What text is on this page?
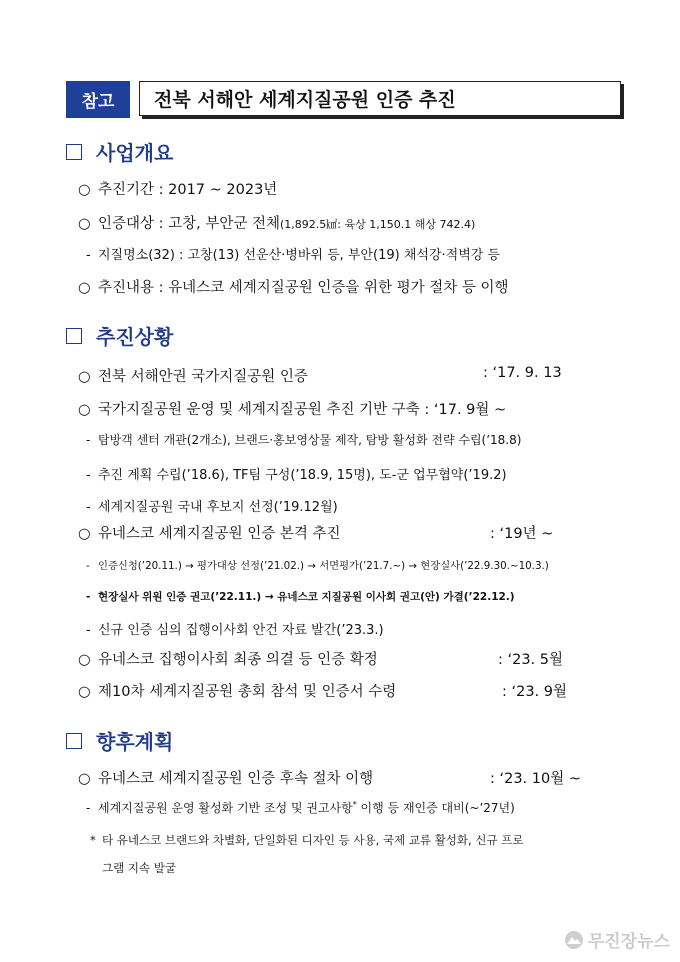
참고	전북 서해안 세계지질공원 인증 추진
사업개요
○ 추진기간 : 2017 ~ 2023년
○ 인증대상 : 고창, 부안군 전체(1,892.5㎢: 육상 1,150.1 해상 742.4)
- 지질명소(32) : 고창(13) 선운산·병바위 등, 부안(19) 채석강·적벽강 등
○ 추진내용 : 유네스코 세계지질공원 인증을 위한 평가 절차 등 이행
추진상황
○ 전북 서해안권 국가지질공원 인증	: ‘17. 9. 13
○ 국가지질공원 운영 및 세계지질공원 추진 기반 구축 : ‘17. 9월 ~
- 탐방객 센터 개관(2개소), 브랜드·홍보영상물 제작, 탐방 활성화 전략 수립(’18.8)
- 추진 계획 수립(’18.6), TF팀 구성(’18.9, 15명), 도-군 업무협약(’19.2)
- 세계지질공원 국내 후보지 선정(’19.12월)
○ 유네스코 세계지질공원 인증 본격 추진	: ‘19년 ~
- 인증신청(’20.11.) → 평가대상 선정(’21.02.) → 서면평가(’21.7.~) → 현장실사(’22.9.30.~10.3.)
- 현장실사 위원 인증 권고(’22.11.) → 유네스코 지질공원 이사회 권고(안) 가결(’22.12.)
- 신규 인증 심의 집행이사회 안건 자료 발간(’23.3.)
○ 유네스코 집행이사회 최종 의결 등 인증 확정	: ‘23. 5월
○ 제10차 세계지질공원 총회 참석 및 인증서 수령	: ‘23. 9월
향후계획
○ 유네스코 세계지질공원 인증 후속 절차 이행	: ‘23. 10월 ~
- 세계지질공원 운영 활성화 기반 조성 및 권고사항* 이행 등 재인증 대비(~’27년)
* 타 유네스코 브랜드와 차별화, 단일화된 디자인 등 사용, 국제 교류 활성화, 신규 프로
그램 지속 발굴
무진장뉴스
